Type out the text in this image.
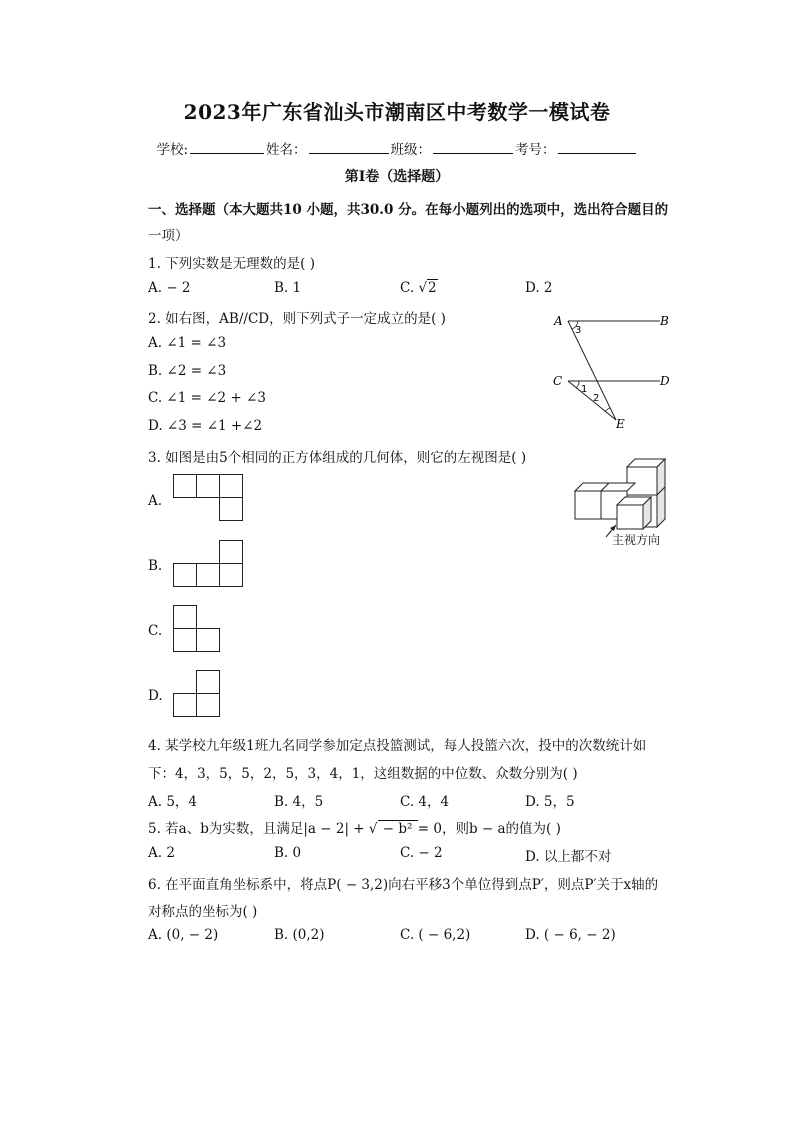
2023年广东省汕头市潮南区中考数学一模试卷
学校:	姓名：	班级：	考号：
第Ⅰ卷（选择题）
一、选择题（本大题共10 小题，共30.0 分。在每小题列出的选项中，选出符合题目的
一项）
1. 下列实数是无理数的是( )
A. − 2	B. 1	C. √2	D. 2
2. 如右图，AB//CD，则下列式子一定成立的是( )
A. ∠1 = ∠3
B. ∠2 = ∠3
C. ∠1 = ∠2 + ∠3
D. ∠3 = ∠1 +∠2
A	B
C	D
E
3
1
2
3. 如图是由5个相同的正方体组成的几何体，则它的左视图是( )
A.
B.
C.
D.
主视方向
4. 某学校九年级1班九名同学参加定点投篮测试，每人投篮六次，投中的次数统计如
下：4，3，5，5，2，5，3，4，1，这组数据的中位数、众数分别为( )
A. 5，4	B. 4，5	C. 4，4	D. 5，5
5. 若a、b为实数，且满足|a − 2| + √ − b² = 0，则b − a的值为( )
A. 2	B. 0	C. − 2	D. 以上都不对
6. 在平面直角坐标系中，将点P( − 3,2)向右平移3个单位得到点P′，则点P′关于x轴的
对称点的坐标为( )
A. (0, − 2)	B. (0,2)	C. ( − 6,2)	D. ( − 6, − 2)
